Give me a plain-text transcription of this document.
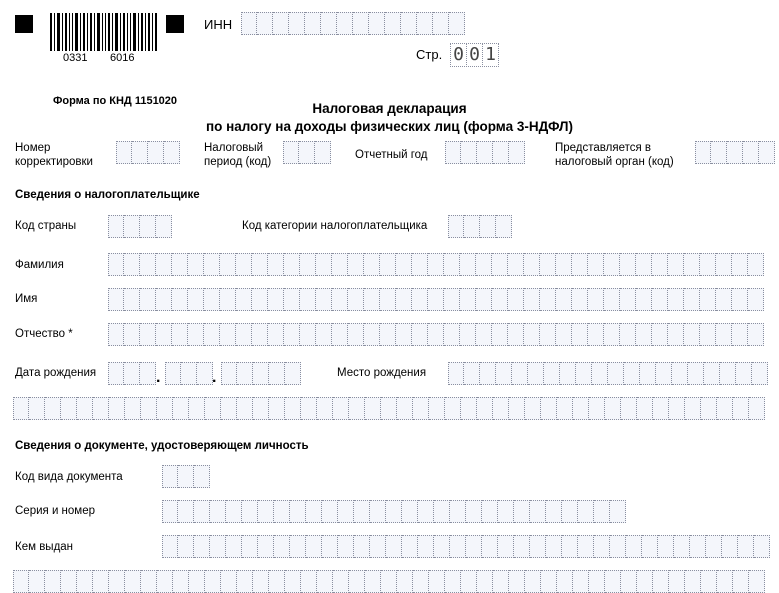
0331 6016
ИНН
Стр. 0 0 1
Форма по КНД 1151020	Налоговая декларация
по налогу на доходы физических лиц (форма 3-НДФЛ)
Номер
корректировки
Налоговый
период (код)
Отчетный год
Представляется в
налоговый орган (код)
Сведения о налогоплательщике
Код страны	Код категории налогоплательщика
Фамилия
Имя
Отчество *
Дата рождения	.	.	Место рождения
Сведения о документе, удостоверяющем личность
Код вида документа
Серия и номер
Кем выдан
